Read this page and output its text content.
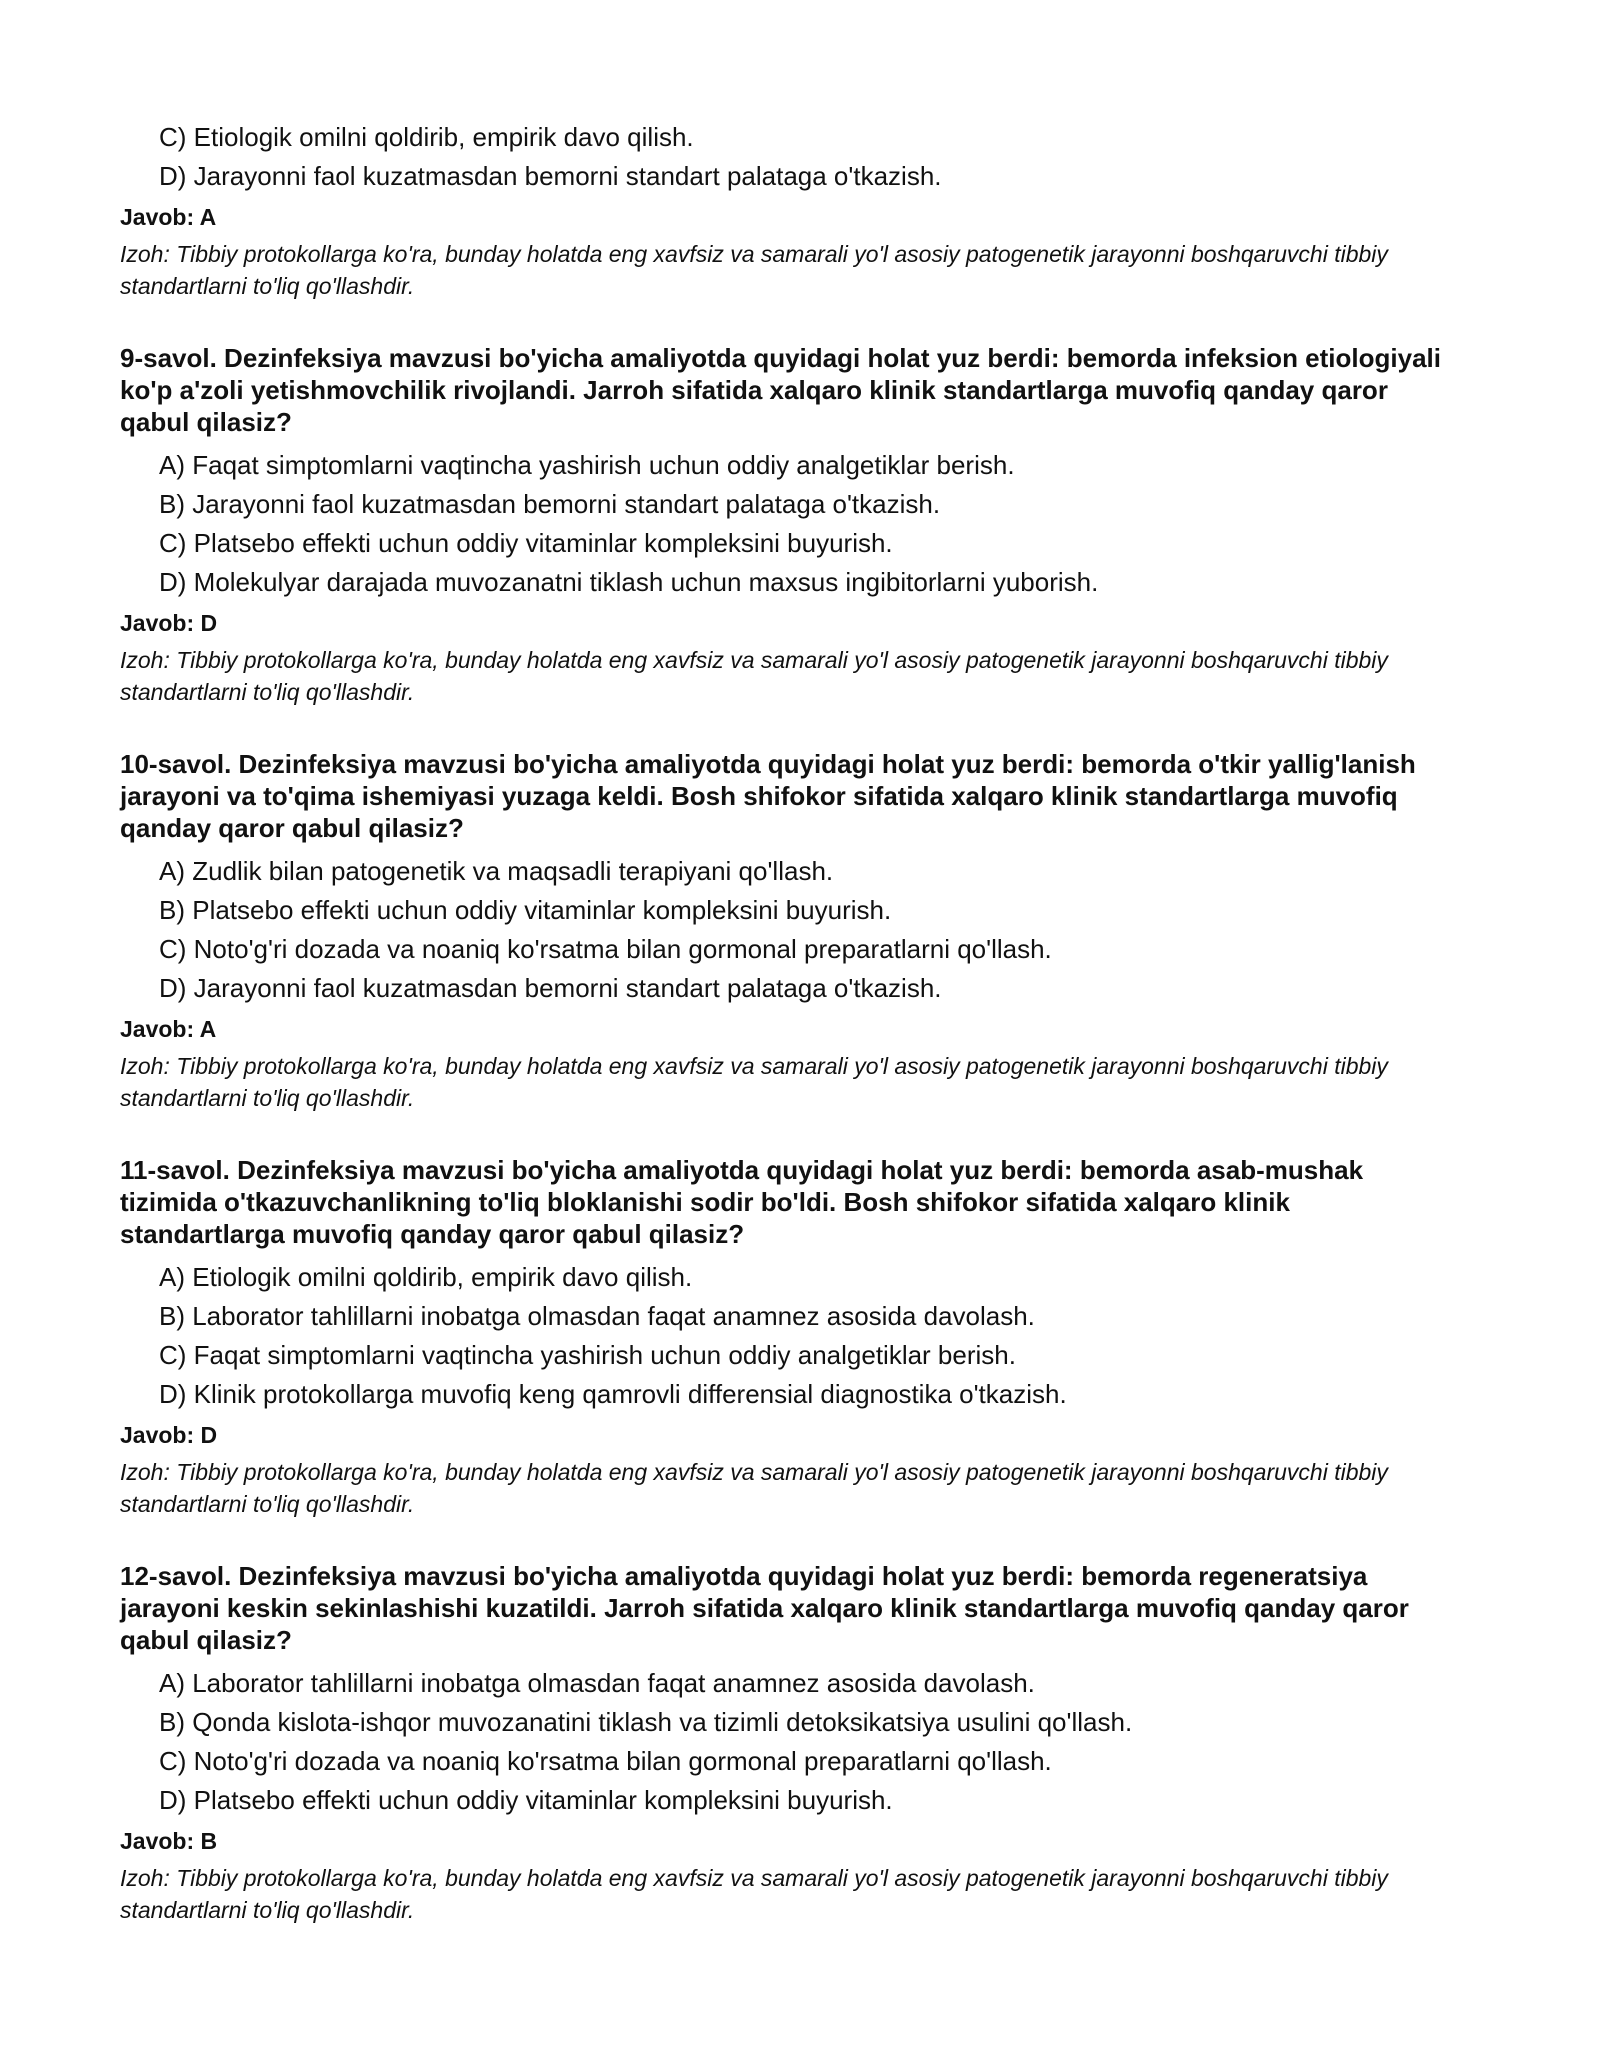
C) Etiologik omilni qoldirib, empirik davo qilish.
D) Jarayonni faol kuzatmasdan bemorni standart palataga o'tkazish.
Javob: A
Izoh: Tibbiy protokollarga ko'ra, bunday holatda eng xavfsiz va samarali yo'l asosiy patogenetik jarayonni boshqaruvchi tibbiy standartlarni to'liq qo'llashdir.

9-savol. Dezinfeksiya mavzusi bo'yicha amaliyotda quyidagi holat yuz berdi: bemorda infeksion etiologiyali ko'p a'zoli yetishmovchilik rivojlandi. Jarroh sifatida xalqaro klinik standartlarga muvofiq qanday qaror qabul qilasiz?

A) Faqat simptomlarni vaqtincha yashirish uchun oddiy analgetiklar berish.
B) Jarayonni faol kuzatmasdan bemorni standart palataga o'tkazish.
C) Platsebo effekti uchun oddiy vitaminlar kompleksini buyurish.
D) Molekulyar darajada muvozanatni tiklash uchun maxsus ingibitorlarni yuborish.
Javob: D
Izoh: Tibbiy protokollarga ko'ra, bunday holatda eng xavfsiz va samarali yo'l asosiy patogenetik jarayonni boshqaruvchi tibbiy standartlarni to'liq qo'llashdir.

10-savol. Dezinfeksiya mavzusi bo'yicha amaliyotda quyidagi holat yuz berdi: bemorda o'tkir yallig'lanish jarayoni va to'qima ishemiyasi yuzaga keldi. Bosh shifokor sifatida xalqaro klinik standartlarga muvofiq qanday qaror qabul qilasiz?

A) Zudlik bilan patogenetik va maqsadli terapiyani qo'llash.
B) Platsebo effekti uchun oddiy vitaminlar kompleksini buyurish.
C) Noto'g'ri dozada va noaniq ko'rsatma bilan gormonal preparatlarni qo'llash.
D) Jarayonni faol kuzatmasdan bemorni standart palataga o'tkazish.
Javob: A
Izoh: Tibbiy protokollarga ko'ra, bunday holatda eng xavfsiz va samarali yo'l asosiy patogenetik jarayonni boshqaruvchi tibbiy standartlarni to'liq qo'llashdir.

11-savol. Dezinfeksiya mavzusi bo'yicha amaliyotda quyidagi holat yuz berdi: bemorda asab-mushak tizimida o'tkazuvchanlikning to'liq bloklanishi sodir bo'ldi. Bosh shifokor sifatida xalqaro klinik standartlarga muvofiq qanday qaror qabul qilasiz?

A) Etiologik omilni qoldirib, empirik davo qilish.
B) Laborator tahlillarni inobatga olmasdan faqat anamnez asosida davolash.
C) Faqat simptomlarni vaqtincha yashirish uchun oddiy analgetiklar berish.
D) Klinik protokollarga muvofiq keng qamrovli differensial diagnostika o'tkazish.
Javob: D
Izoh: Tibbiy protokollarga ko'ra, bunday holatda eng xavfsiz va samarali yo'l asosiy patogenetik jarayonni boshqaruvchi tibbiy standartlarni to'liq qo'llashdir.

12-savol. Dezinfeksiya mavzusi bo'yicha amaliyotda quyidagi holat yuz berdi: bemorda regeneratsiya jarayoni keskin sekinlashishi kuzatildi. Jarroh sifatida xalqaro klinik standartlarga muvofiq qanday qaror qabul qilasiz?

A) Laborator tahlillarni inobatga olmasdan faqat anamnez asosida davolash.
B) Qonda kislota-ishqor muvozanatini tiklash va tizimli detoksikatsiya usulini qo'llash.
C) Noto'g'ri dozada va noaniq ko'rsatma bilan gormonal preparatlarni qo'llash.
D) Platsebo effekti uchun oddiy vitaminlar kompleksini buyurish.
Javob: B
Izoh: Tibbiy protokollarga ko'ra, bunday holatda eng xavfsiz va samarali yo'l asosiy patogenetik jarayonni boshqaruvchi tibbiy standartlarni to'liq qo'llashdir.
